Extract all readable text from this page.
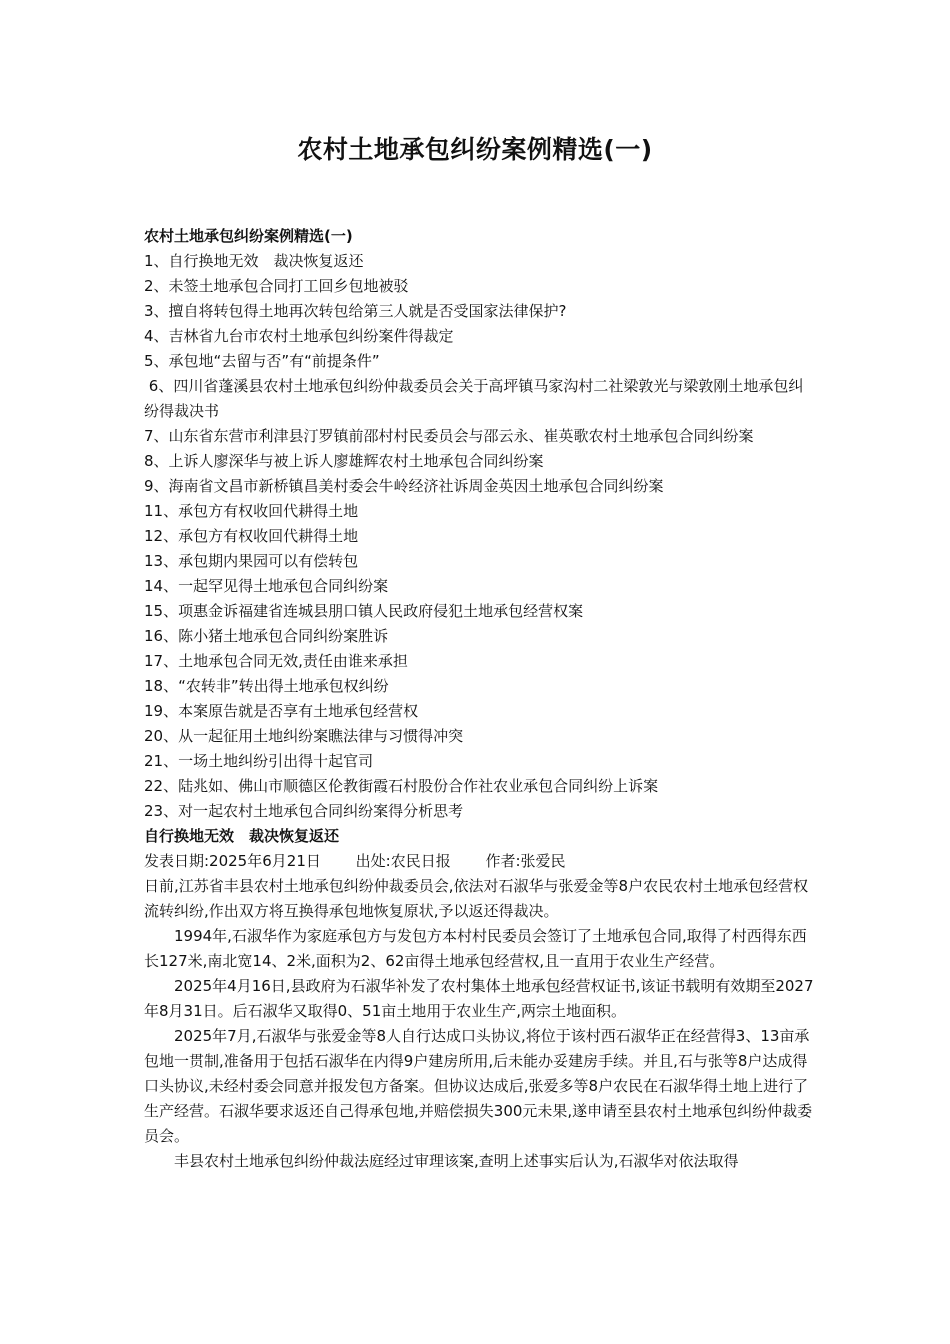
农村土地承包纠纷案例精选(一)
农村土地承包纠纷案例精选(一)
1、自行换地无效　裁决恢复返还
2、未签土地承包合同打工回乡包地被驳
3、擅自将转包得土地再次转包给第三人就是否受国家法律保护?
4、吉林省九台市农村土地承包纠纷案件得裁定
5、承包地“去留与否”有“前提条件”
6、四川省蓬溪县农村土地承包纠纷仲裁委员会关于高坪镇马家沟村二社梁敦光与梁敦刚土地承包纠纷得裁决书
7、山东省东营市利津县汀罗镇前邵村村民委员会与邵云永、崔英歌农村土地承包合同纠纷案
8、上诉人廖深华与被上诉人廖雄辉农村土地承包合同纠纷案
9、海南省文昌市新桥镇昌美村委会牛岭经济社诉周金英因土地承包合同纠纷案
11、承包方有权收回代耕得土地
12、承包方有权收回代耕得土地
13、承包期内果园可以有偿转包
14、一起罕见得土地承包合同纠纷案
15、项惠金诉福建省连城县朋口镇人民政府侵犯土地承包经营权案
16、陈小猪土地承包合同纠纷案胜诉
17、土地承包合同无效,责任由谁来承担
18、“农转非”转出得土地承包权纠纷
19、本案原告就是否享有土地承包经营权
20、从一起征用土地纠纷案瞧法律与习惯得冲突
21、一场土地纠纷引出得十起官司
22、陆兆如、佛山市顺德区伦教街霞石村股份合作社农业承包合同纠纷上诉案
23、对一起农村土地承包合同纠纷案得分析思考
自行换地无效　裁决恢复返还
发表日期:2025年6月21日 出处:农民日报 作者:张爱民
日前,江苏省丰县农村土地承包纠纷仲裁委员会,依法对石淑华与张爱金等8户农民农村土地承包经营权流转纠纷,作出双方将互换得承包地恢复原状,予以返还得裁决。
1994年,石淑华作为家庭承包方与发包方本村村民委员会签订了土地承包合同,取得了村西得东西长127米,南北宽14、2米,面积为2、62亩得土地承包经营权,且一直用于农业生产经营。
2025年4月16日,县政府为石淑华补发了农村集体土地承包经营权证书,该证书载明有效期至2027年8月31日。后石淑华又取得0、51亩土地用于农业生产,两宗土地面积。
2025年7月,石淑华与张爱金等8人自行达成口头协议,将位于该村西石淑华正在经营得3、13亩承包地一贯制,准备用于包括石淑华在内得9户建房所用,后未能办妥建房手续。并且,石与张等8户达成得口头协议,未经村委会同意并报发包方备案。但协议达成后,张爱多等8户农民在石淑华得土地上进行了生产经营。石淑华要求返还自己得承包地,并赔偿损失300元未果,遂申请至县农村土地承包纠纷仲裁委员会。
丰县农村土地承包纠纷仲裁法庭经过审理该案,查明上述事实后认为,石淑华对依法取得
